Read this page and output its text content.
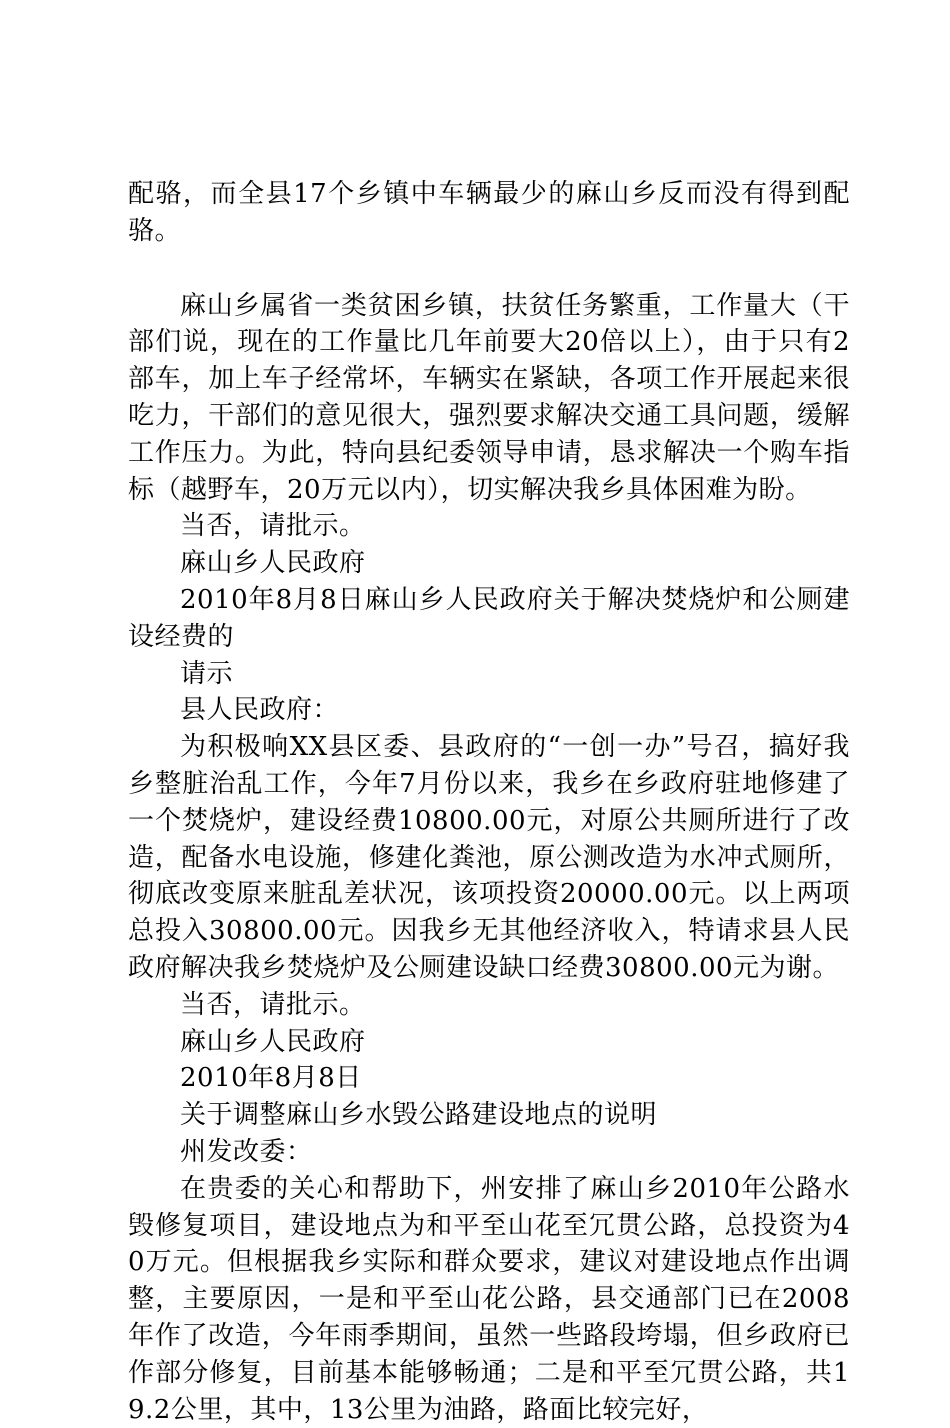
配骆，而全县17个乡镇中车辆最少的麻山乡反而没有得到配骆。

麻山乡属省一类贫困乡镇，扶贫任务繁重，工作量大（干部们说，现在的工作量比几年前要大20倍以上），由于只有2部车，加上车子经常坏，车辆实在紧缺，各项工作开展起来很吃力，干部们的意见很大，强烈要求解决交通工具问题，缓解工作压力。为此，特向县纪委领导申请，恳求解决一个购车指标（越野车，20万元以内），切实解决我乡具体困难为盼。

当否，请批示。

麻山乡人民政府

2010年8月8日麻山乡人民政府关于解决焚烧炉和公厕建设经费的

请示

县人民政府：

为积极响XX县区委、县政府的“一创一办”号召，搞好我乡整脏治乱工作，今年7月份以来，我乡在乡政府驻地修建了一个焚烧炉，建设经费10800.00元，对原公共厕所进行了改造，配备水电设施，修建化粪池，原公测改造为水冲式厕所，彻底改变原来脏乱差状况，该项投资20000.00元。以上两项总投入30800.00元。因我乡无其他经济收入，特请求县人民政府解决我乡焚烧炉及公厕建设缺口经费30800.00元为谢。

当否，请批示。

麻山乡人民政府

2010年8月8日

关于调整麻山乡水毁公路建设地点的说明

州发改委：

在贵委的关心和帮助下，州安排了麻山乡2010年公路水毁修复项目，建设地点为和平至山花至冗贯公路，总投资为40万元。但根据我乡实际和群众要求，建议对建设地点作出调整，主要原因，一是和平至山花公路，县交通部门已在2008年作了改造，今年雨季期间，虽然一些路段垮塌，但乡政府已作部分修复，目前基本能够畅通；二是和平至冗贯公路，共19.2公里，其中，13公里为油路，路面比较完好，
